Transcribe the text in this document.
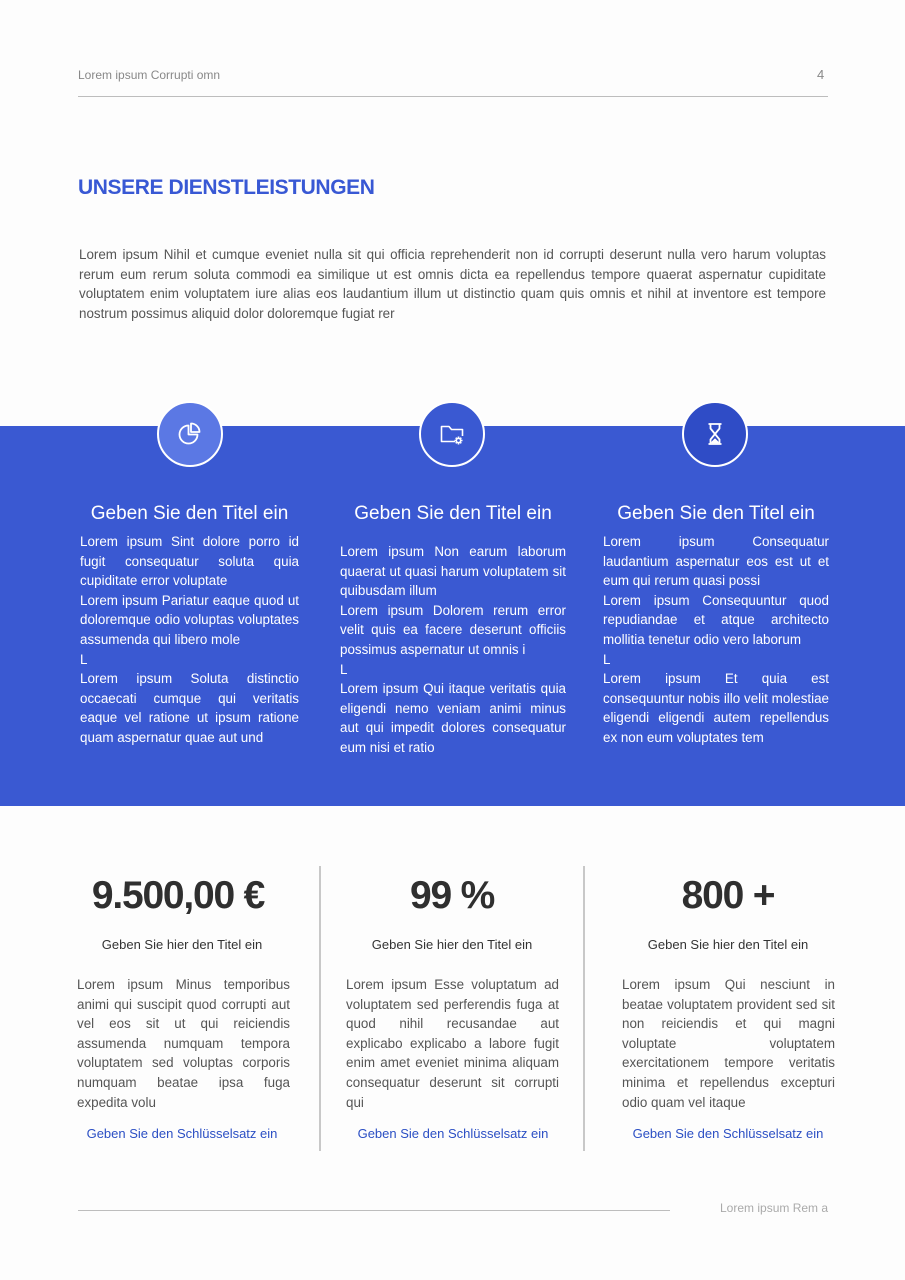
Lorem ipsum Corrupti omn	4
UNSERE DIENSTLEISTUNGEN
Lorem ipsum Nihil et cumque eveniet nulla sit qui officia reprehenderit non id corrupti deserunt nulla vero harum voluptas rerum eum rerum soluta commodi ea similique ut est omnis dicta ea repellendus tempore quaerat aspernatur cupiditate voluptatem enim voluptatem iure alias eos laudantium illum ut distinctio quam quis omnis et nihil at inventore est tempore nostrum possimus aliquid dolor doloremque fugiat rer
Geben Sie den Titel ein	Geben Sie den Titel ein	Geben Sie den Titel ein

Lorem ipsum Sint dolore porro id fugit consequatur soluta quia cupiditate error voluptate

Lorem ipsum Pariatur eaque quod ut doloremque odio voluptas voluptates assumenda qui libero mole

L

Lorem ipsum Soluta distinctio occaecati cumque qui veritatis eaque vel ratione ut ipsum ratione quam aspernatur quae aut und

Lorem ipsum Non earum laborum quaerat ut quasi harum voluptatem sit quibusdam illum

Lorem ipsum Dolorem rerum error velit quis ea facere deserunt officiis possimus aspernatur ut omnis i

L

Lorem ipsum Qui itaque veritatis quia eligendi nemo veniam animi minus aut qui impedit dolores consequatur eum nisi et ratio

Lorem ipsum Consequatur laudantium aspernatur eos est ut et eum qui rerum quasi possi

Lorem ipsum Consequuntur quod repudiandae et atque architecto mollitia tenetur odio vero laborum

L

Lorem ipsum Et quia est consequuntur nobis illo velit molestiae eligendi eligendi autem repellendus ex non eum voluptates tem

9.500,00 €	99 %	800 +
Geben Sie hier den Titel ein	Geben Sie hier den Titel ein	Geben Sie hier den Titel ein
Lorem ipsum Minus temporibus animi qui suscipit quod corrupti aut vel eos sit ut qui reiciendis assumenda numquam tempora voluptatem sed voluptas corporis numquam beatae ipsa fuga expedita volu
Lorem ipsum Esse voluptatum ad voluptatem sed perferendis fuga at quod nihil recusandae aut explicabo explicabo a labore fugit enim amet eveniet minima aliquam consequatur deserunt sit corrupti qui
Lorem ipsum Qui nesciunt in beatae voluptatem provident sed sit non reiciendis et qui magni voluptate voluptatem exercitationem tempore veritatis minima et repellendus excepturi odio quam vel itaque
Geben Sie den Schlüsselsatz ein	Geben Sie den Schlüsselsatz ein	Geben Sie den Schlüsselsatz ein
Lorem ipsum Rem a
